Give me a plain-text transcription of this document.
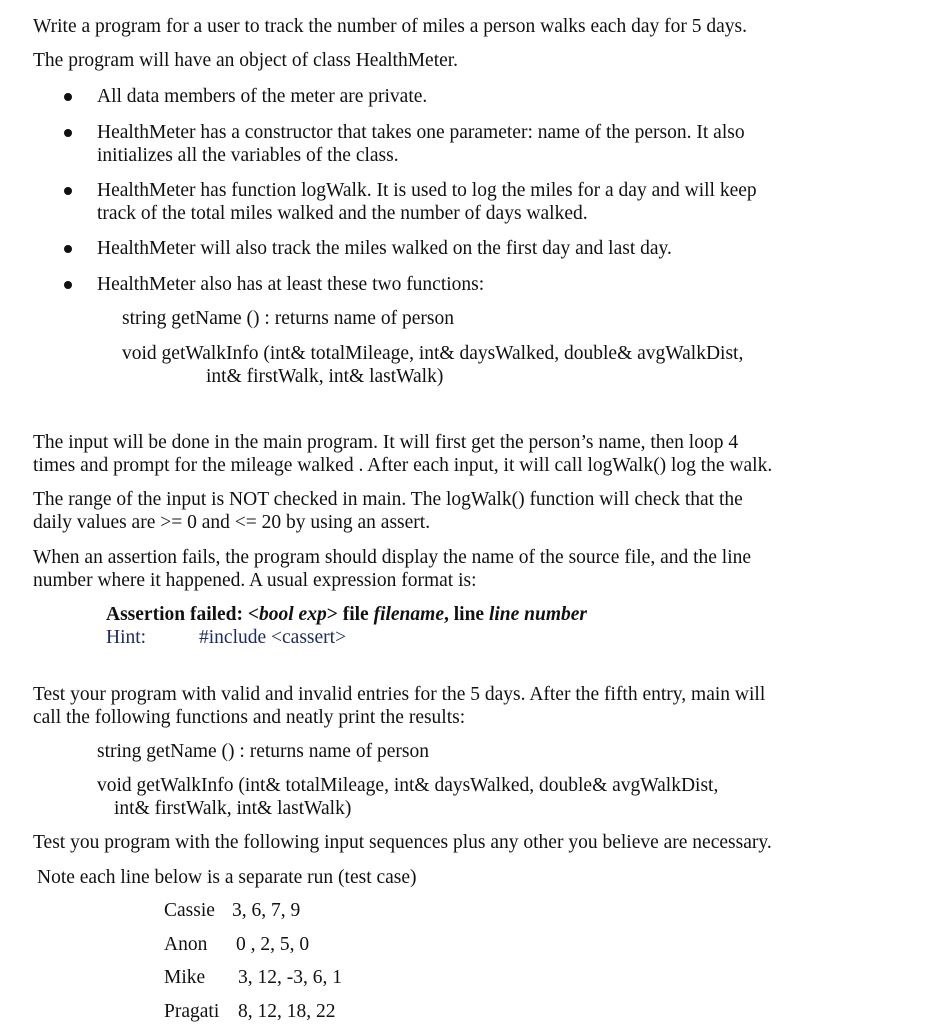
Write a program for a user to track the number of miles a person walks each day for 5 days.
The program will have an object of class HealthMeter.
All data members of the meter are private.
HealthMeter has a constructor that takes one parameter: name of the person. It also
initializes all the variables of the class.
HealthMeter has function logWalk. It is used to log the miles for a day and will keep
track of the total miles walked and the number of days walked.
HealthMeter will also track the miles walked on the first day and last day.
HealthMeter also has at least these two functions:
string getName () : returns name of person
void getWalkInfo (int& totalMileage, int& daysWalked, double& avgWalkDist,
int& firstWalk, int& lastWalk)
The input will be done in the main program. It will first get the person’s name, then loop 4
times and prompt for the mileage walked . After each input, it will call logWalk() log the walk.
The range of the input is NOT checked in main. The logWalk() function will check that the
daily values are >= 0 and <= 20 by using an assert.
When an assertion fails, the program should display the name of the source file, and the line
number where it happened. A usual expression format is:
Assertion failed: <bool exp> file filename, line line number
Hint:	#include <cassert>
Test your program with valid and invalid entries for the 5 days. After the fifth entry, main will
call the following functions and neatly print the results:
string getName () : returns name of person
void getWalkInfo (int& totalMileage, int& daysWalked, double& avgWalkDist,
int& firstWalk, int& lastWalk)
Test you program with the following input sequences plus any other you believe are necessary.
Note each line below is a separate run (test case)
Cassie 3, 6, 7, 9
Anon 0 , 2, 5, 0
Mike 3, 12, -3, 6, 1
Pragati 8, 12, 18, 22
